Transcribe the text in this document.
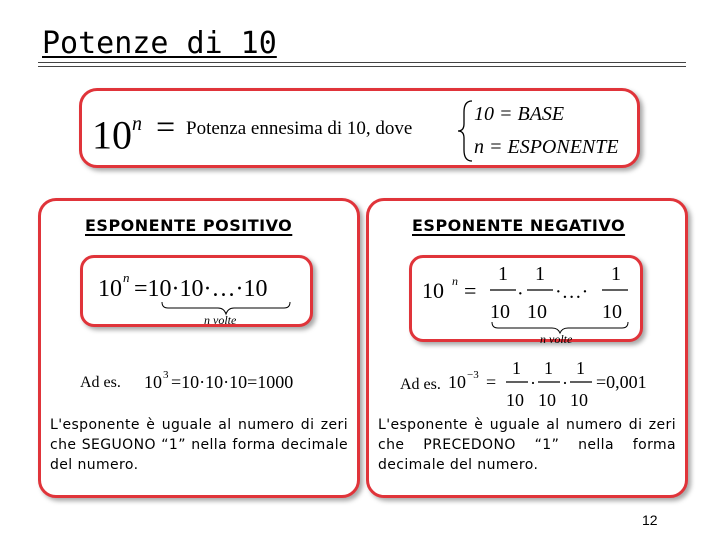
Potenze di 10
$10^n$ = Potenza ennesima di 10, dove
10 = BASE
n = ESPONENTE
ESPONENTE POSITIVO
10 n =10·10·…·10
n volte
Ad es. 10 3 =10·10·10=1000
L'esponente è uguale al numero di zeri che SEGUONO “1” nella forma decimale del numero.
ESPONENTE NEGATIVO
10 n =
1
10
·
1
10
·…·
1
10
n volte
Ad es. 10 −3 =
1
10
·
1
10
·
1
10
=0,001
L'esponente è uguale al numero di zeri che PRECEDONO “1” nella forma decimale del numero.
12
